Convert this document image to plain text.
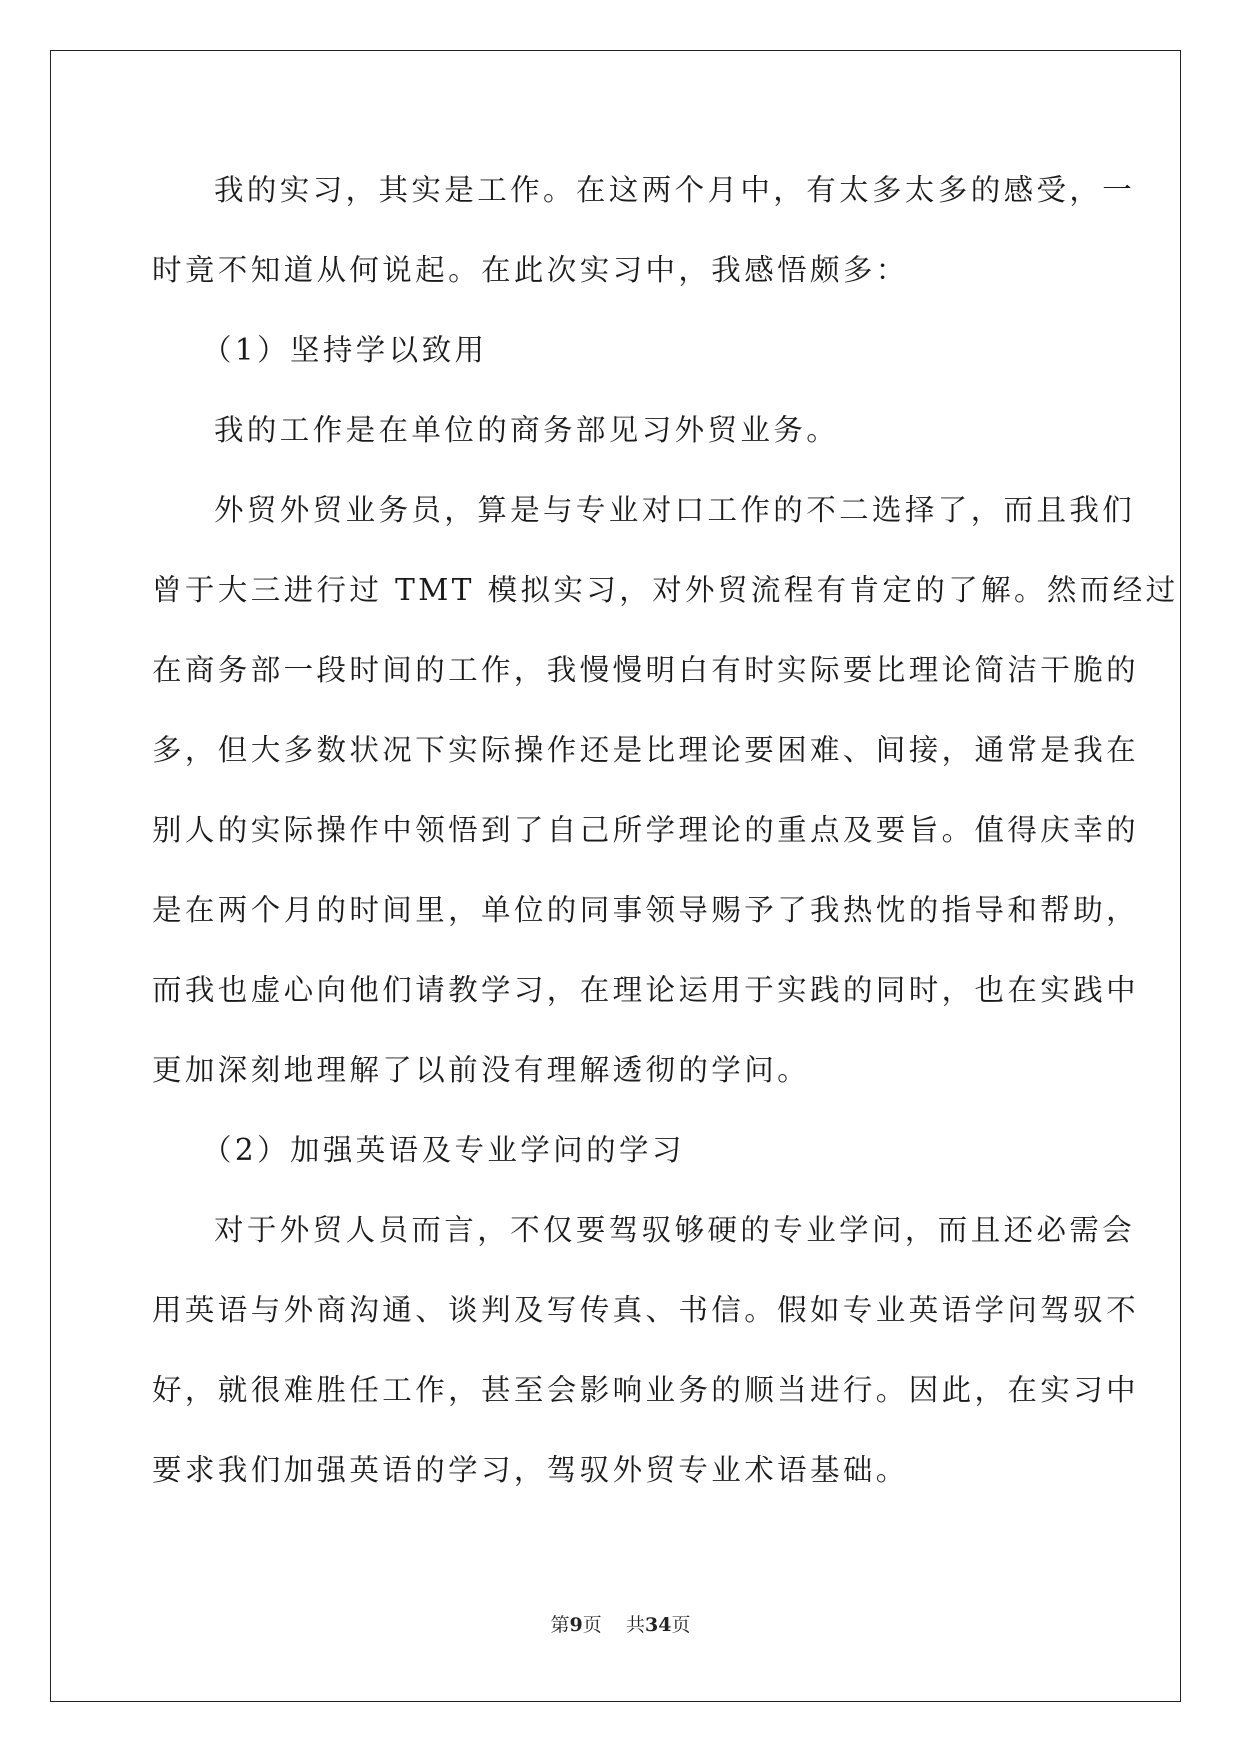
我的实习，其实是工作。在这两个月中，有太多太多的感受，一
时竟不知道从何说起。在此次实习中，我感悟颇多：
（1）坚持学以致用
我的工作是在单位的商务部见习外贸业务。
外贸外贸业务员，算是与专业对口工作的不二选择了，而且我们
曾于大三进行过 TMT 模拟实习，对外贸流程有肯定的了解。然而经过
在商务部一段时间的工作，我慢慢明白有时实际要比理论简洁干脆的
多，但大多数状况下实际操作还是比理论要困难、间接，通常是我在
别人的实际操作中领悟到了自己所学理论的重点及要旨。值得庆幸的
是在两个月的时间里，单位的同事领导赐予了我热忱的指导和帮助，
而我也虚心向他们请教学习，在理论运用于实践的同时，也在实践中
更加深刻地理解了以前没有理解透彻的学问。
（2）加强英语及专业学问的学习
对于外贸人员而言，不仅要驾驭够硬的专业学问，而且还必需会
用英语与外商沟通、谈判及写传真、书信。假如专业英语学问驾驭不
好，就很难胜任工作，甚至会影响业务的顺当进行。因此，在实习中
要求我们加强英语的学习，驾驭外贸专业术语基础。
第9页 共34页
